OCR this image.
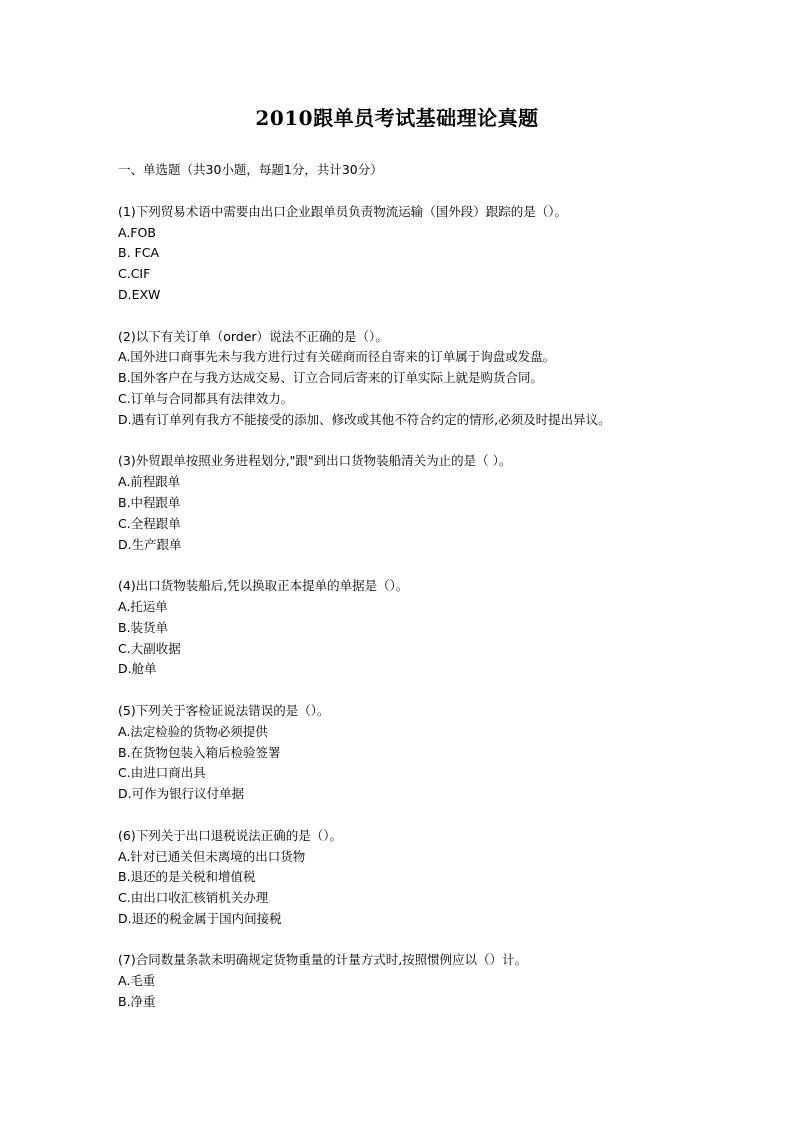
2010跟单员考试基础理论真题
一、单选题（共30小题，每题1分，共计30分）
(1)下列贸易术语中需要由出口企业跟单员负责物流运输（国外段）跟踪的是（）。
A.FOB
B. FCA
C.CIF
D.EXW
(2)以下有关订单（order）说法不正确的是（）。
A.国外进口商事先未与我方进行过有关磋商而径自寄来的订单属于询盘或发盘。
B.国外客户在与我方达成交易、订立合同后寄来的订单实际上就是购货合同。
C.订单与合同都具有法律效力。
D.遇有订单列有我方不能接受的添加、修改或其他不符合约定的情形,必须及时提出异议。
(3)外贸跟单按照业务进程划分,"跟"到出口货物装船清关为止的是（ ）。
A.前程跟单
B.中程跟单
C.全程跟单
D.生产跟单
(4)出口货物装船后,凭以换取正本提单的单据是（）。
A.托运单
B.装货单
C.大副收据
D.舱单
(5)下列关于客检证说法错误的是（）。
A.法定检验的货物必须提供
B.在货物包装入箱后检验签署
C.由进口商出具
D.可作为银行议付单据
(6)下列关于出口退税说法正确的是（）。
A.针对已通关但未离境的出口货物
B.退还的是关税和增值税
C.由出口收汇核销机关办理
D.退还的税金属于国内间接税
(7)合同数量条款未明确规定货物重量的计量方式时,按照惯例应以（）计。
A.毛重
B.净重
